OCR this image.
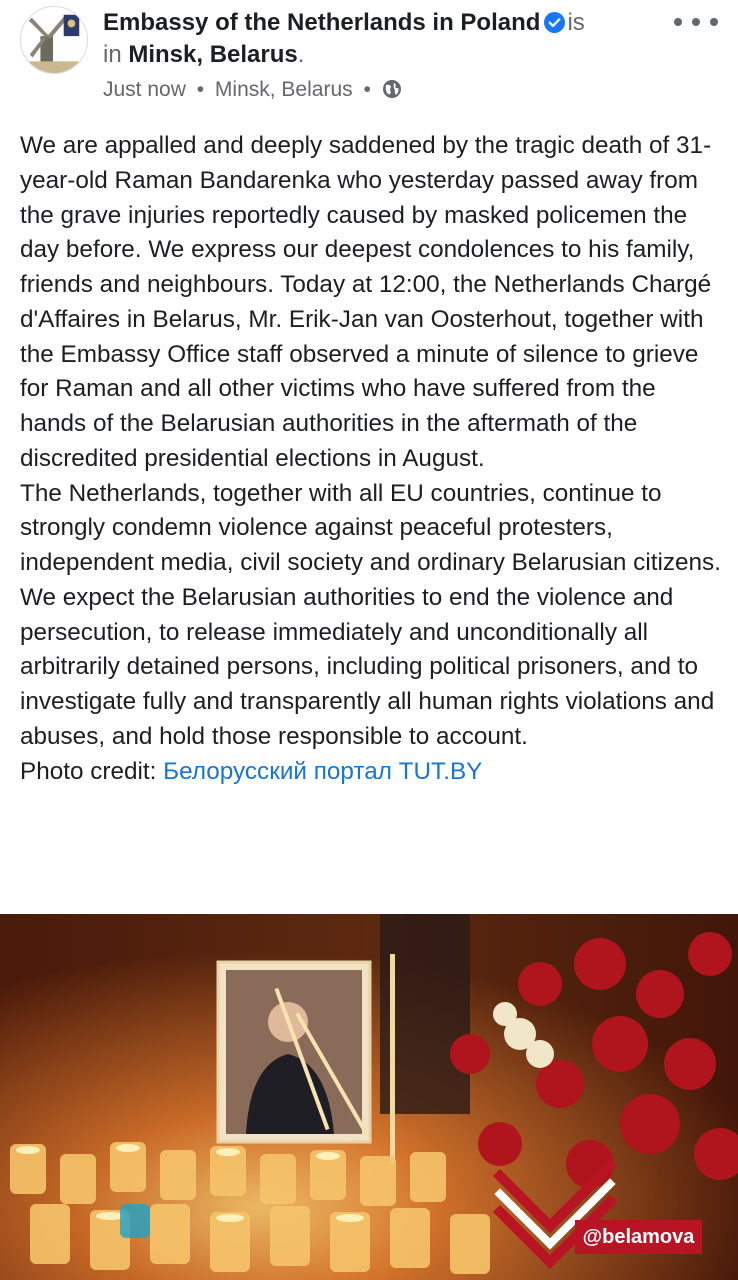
Embassy of the Netherlands in Poland is
in Minsk, Belarus.
Just now • Minsk, Belarus •

We are appalled and deeply saddened by the tragic death of 31-year-old Raman Bandarenka who yesterday passed away from the grave injuries reportedly caused by masked policemen the day before. We express our deepest condolences to his family, friends and neighbours. Today at 12:00, the Netherlands Chargé d'Affaires in Belarus, Mr. Erik-Jan van Oosterhout, together with the Embassy Office staff observed a minute of silence to grieve for Raman and all other victims who have suffered from the hands of the Belarusian authorities in the aftermath of the discredited presidential elections in August.

The Netherlands, together with all EU countries, continue to strongly condemn violence against peaceful protesters, independent media, civil society and ordinary Belarusian citizens. We expect the Belarusian authorities to end the violence and persecution, to release immediately and unconditionally all arbitrarily detained persons, including political prisoners, and to investigate fully and transparently all human rights violations and abuses, and hold those responsible to account.

Photo credit: Белорусский портал TUT.BY

@belamova
